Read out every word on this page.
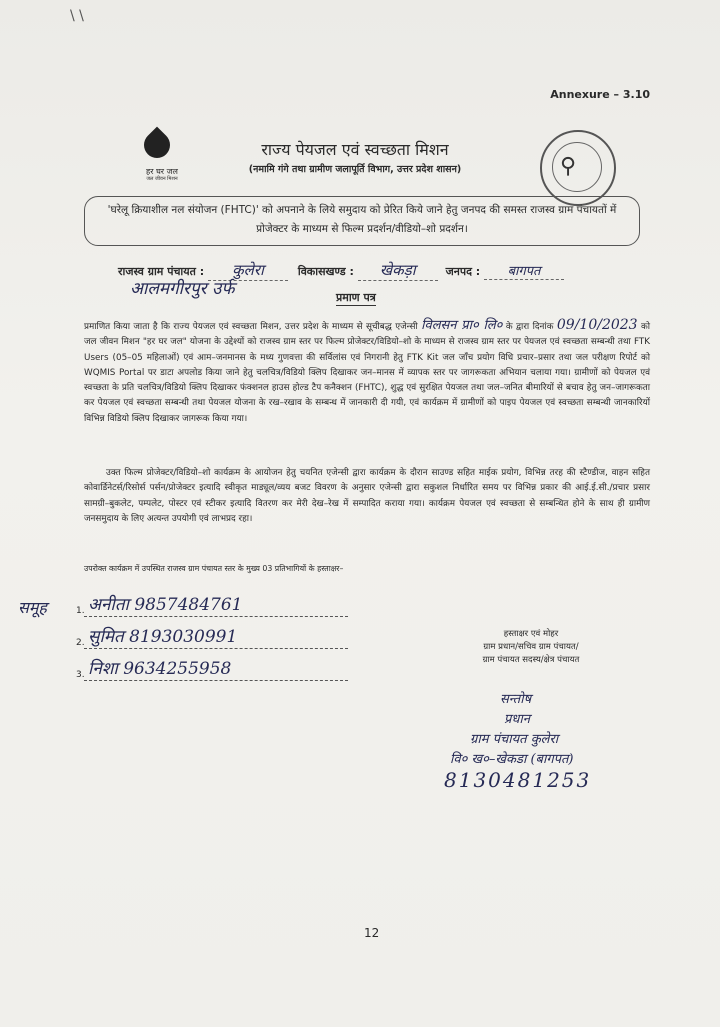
\ \
Annexure – 3.10
हर घर जल
जल जीवन मिशन
राज्य पेयजल एवं स्वच्छता मिशन
(नमामि गंगे तथा ग्रामीण जलापूर्ति विभाग, उत्तर प्रदेश शासन)	⚲
'घरेलू क्रियाशील नल संयोजन (FHTC)' को अपनाने के लिये समुदाय को प्रेरित किये जाने हेतु जनपद की समस्त राजस्व ग्राम पंचायतों में प्रोजेक्टर के माध्यम से फिल्म प्रदर्शन/वीडियो–शो प्रदर्शन।
राजस्व ग्राम पंचायत : कुलेरा	विकासखण्ड : खेकड़ा	जनपद : बागपत
आलमगीरपुर उर्फ	प्रमाण पत्र
प्रमाणित किया जाता है कि राज्य पेयजल एवं स्वच्छता मिशन, उत्तर प्रदेश के माध्यम से सूचीबद्ध एजेन्सी विलसन प्रा० लि० के द्वारा दिनांक 09/10/2023 को जल जीवन मिशन "हर घर जल" योजना के उद्देश्यों को राजस्व ग्राम स्तर पर फिल्म प्रोजेक्टर/विडियो–शो के माध्यम से राजस्व ग्राम स्तर पर पेयजल एवं स्वच्छता सम्बन्धी तथा FTK Users (05–05 महिलाओं) एवं आम–जनमानस के मध्य गुणवत्ता की सर्विलांस एवं निगरानी हेतु FTK Kit जल जाँच प्रयोग विधि प्रचार–प्रसार तथा जल परीक्षण रिपोर्ट को WQMIS Portal पर डाटा अपलोड किया जाने हेतु चलचित्र/विडियो क्लिप दिखाकर जन–मानस में व्यापक स्तर पर जागरूकता अभियान चलाया गया। ग्रामीणों को पेयजल एवं स्वच्छता के प्रति चलचित्र/विडियो क्लिप दिखाकर फंक्शनल हाउस होल्ड टैप कनैक्शन (FHTC), शुद्ध एवं सुरक्षित पेयजल तथा जल–जनित बीमारियों से बचाव हेतु जन–जागरूकता कर पेयजल एवं स्वच्छता सम्बन्धी तथा पेयजल योजना के रख–रखाव के सम्बन्ध में जानकारी दी गयी, एवं कार्यक्रम में ग्रामीणों को पाइप पेयजल एवं स्वच्छता सम्बन्धी जानकारियों विभिन्न विडियो क्लिप दिखाकर जागरूक किया गया।
उक्त फिल्म प्रोजेक्टर/विडियो–शो कार्यक्रम के आयोजन हेतु चयनित एजेन्सी द्वारा कार्यक्रम के दौरान साउण्ड सहित माईक प्रयोग, विभिन्न तरह की स्टैण्डीज, वाहन सहित कोवार्डिनेटर्स/रिसोर्स पर्सन/प्रोजेक्टर इत्यादि स्वीकृत माड्यूल/व्यय बजट विवरण के अनुसार एजेन्सी द्वारा सकुशल निर्धारित समय पर विभिन्न प्रकार की आई.ई.सी./प्रचार प्रसार सामग्री–बुकलेट, पम्पलेट, पोस्टर एवं स्टीकर इत्यादि वितरण कर मेरी देख–रेख में सम्पादित कराया गया। कार्यक्रम पेयजल एवं स्वच्छता से सम्बन्धित होने के साथ ही ग्रामीण जनसमुदाय के लिए अत्यन्त उपयोगी एवं लाभप्रद रहा।
उपरोक्त कार्यक्रम में उपस्थित राजस्व ग्राम पंचायत स्तर के मुख्य 03 प्रतिभागियों के हस्ताक्षर–
समूह	1. अनीता 9857484761
2. सुमित 8193030991
3. निशा 9634255958
हस्ताक्षर एवं मोहर
ग्राम प्रधान/सचिव ग्राम पंचायत/
ग्राम पंचायत सदस्य/क्षेत्र पंचायत
सन्तोष
प्रधान
ग्राम पंचायत कुलेरा
वि० ख०–खेकडा (बागपत)
8130481253
12
